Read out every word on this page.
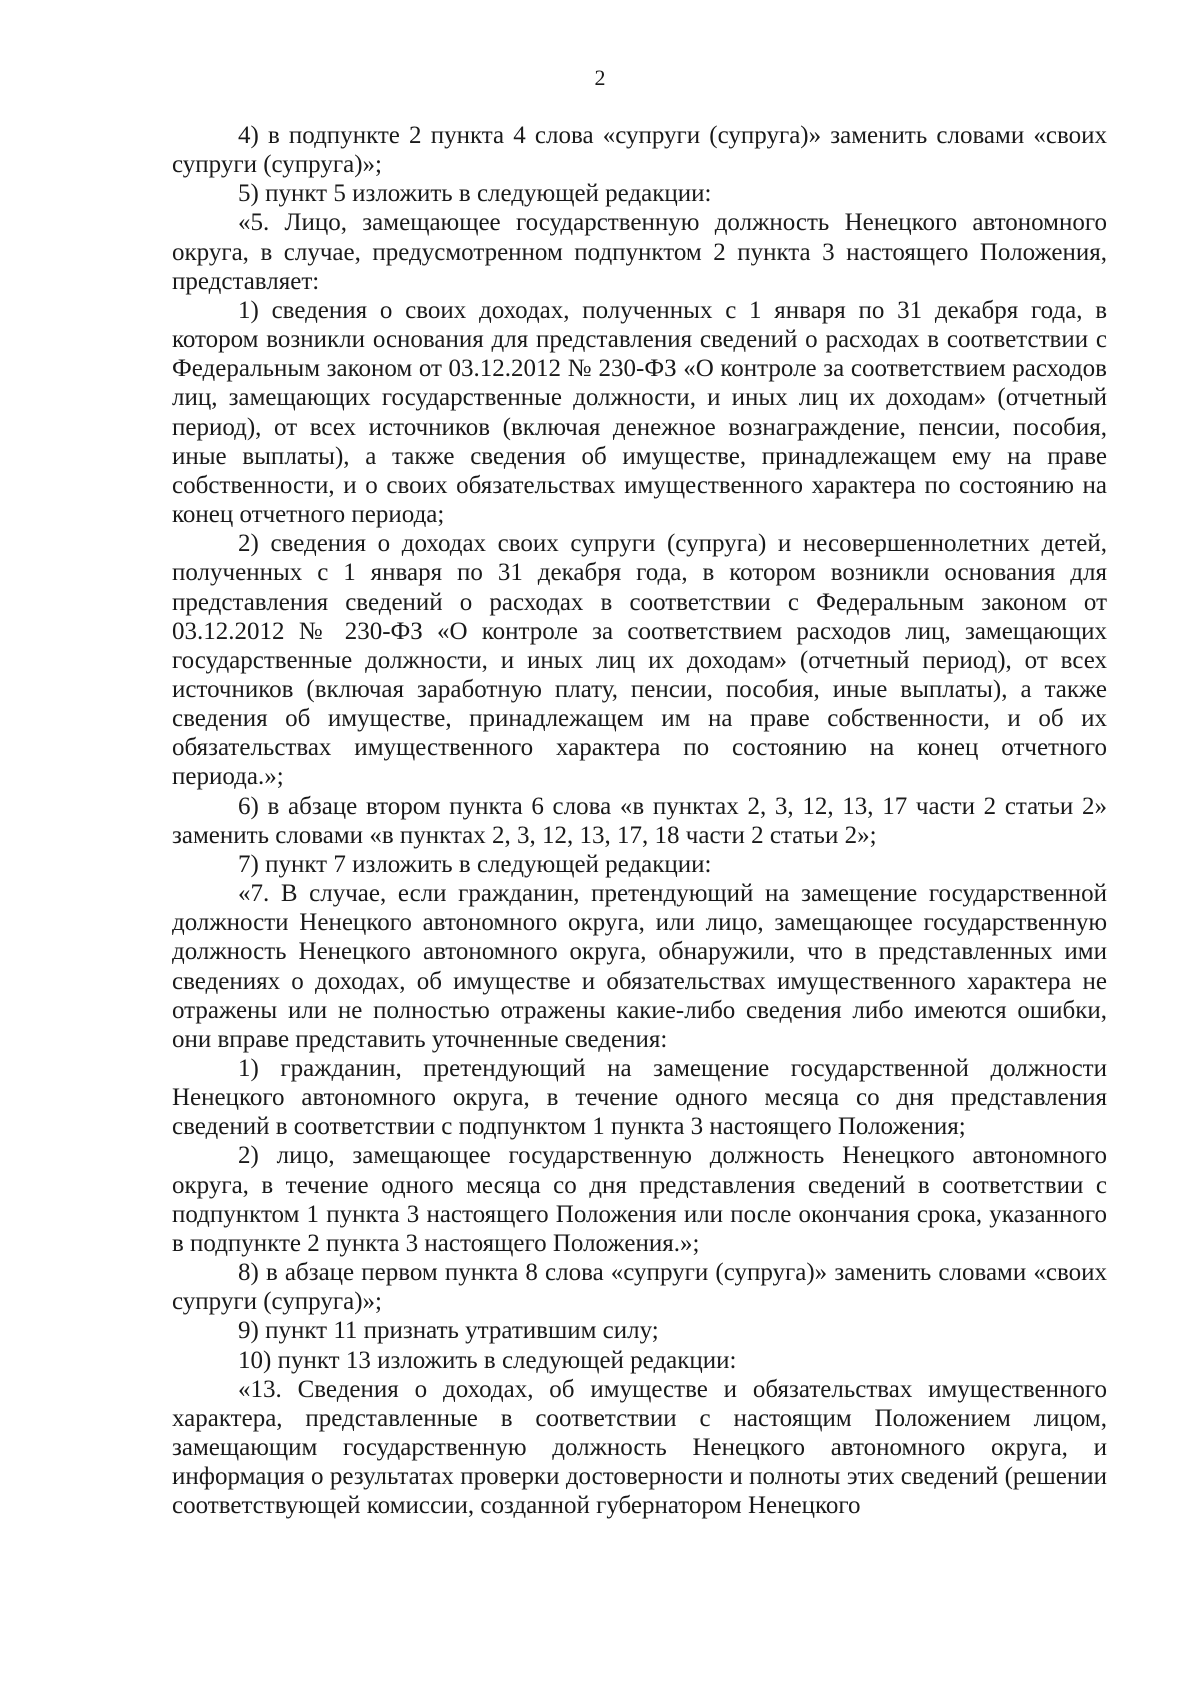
2

4) в подпункте 2 пункта 4 слова «супруги (супруга)» заменить словами «своих супруги (супруга)»;

5) пункт 5 изложить в следующей редакции:

«5. Лицо, замещающее государственную должность Ненецкого автономного округа, в случае, предусмотренном подпунктом 2 пункта 3 настоящего Положения, представляет:

1) сведения о своих доходах, полученных с 1 января по 31 декабря года, в котором возникли основания для представления сведений о расходах в соответствии с Федеральным законом от 03.12.2012 № 230-ФЗ «О контроле за соответствием расходов лиц, замещающих государственные должности, и иных лиц их доходам» (отчетный период), от всех источников (включая денежное вознаграждение, пенсии, пособия, иные выплаты), а также сведения об имуществе, принадлежащем ему на праве собственности, и о своих обязательствах имущественного характера по состоянию на конец отчетного периода;

2) сведения о доходах своих супруги (супруга) и несовершеннолетних детей, полученных с 1 января по 31 декабря года, в котором возникли основания для представления сведений о расходах в соответствии с Федеральным законом от 03.12.2012 № 230-ФЗ «О контроле за соответствием расходов лиц, замещающих государственные должности, и иных лиц их доходам» (отчетный период), от всех источников (включая заработную плату, пенсии, пособия, иные выплаты), а также сведения об имуществе, принадлежащем им на праве собственности, и об их обязательствах имущественного характера по состоянию на конец отчетного периода.»;

6) в абзаце втором пункта 6 слова «в пунктах 2, 3, 12, 13, 17 части 2 статьи 2» заменить словами «в пунктах 2, 3, 12, 13, 17, 18 части 2 статьи 2»;

7) пункт 7 изложить в следующей редакции:

«7. В случае, если гражданин, претендующий на замещение государственной должности Ненецкого автономного округа, или лицо, замещающее государственную должность Ненецкого автономного округа, обнаружили, что в представленных ими сведениях о доходах, об имуществе и обязательствах имущественного характера не отражены или не полностью отражены какие-либо сведения либо имеются ошибки, они вправе представить уточненные сведения:

1) гражданин, претендующий на замещение государственной должности Ненецкого автономного округа, в течение одного месяца со дня представления сведений в соответствии с подпунктом 1 пункта 3 настоящего Положения;

2) лицо, замещающее государственную должность Ненецкого автономного округа, в течение одного месяца со дня представления сведений в соответствии с подпунктом 1 пункта 3 настоящего Положения или после окончания срока, указанного в подпункте 2 пункта 3 настоящего Положения.»;

8) в абзаце первом пункта 8 слова «супруги (супруга)» заменить словами «своих супруги (супруга)»;

9) пункт 11 признать утратившим силу;

10) пункт 13 изложить в следующей редакции:

«13. Сведения о доходах, об имуществе и обязательствах имущественного характера, представленные в соответствии с настоящим Положением лицом, замещающим государственную должность Ненецкого автономного округа, и информация о результатах проверки достоверности и полноты этих сведений (решении соответствующей комиссии, созданной губернатором Ненецкого
